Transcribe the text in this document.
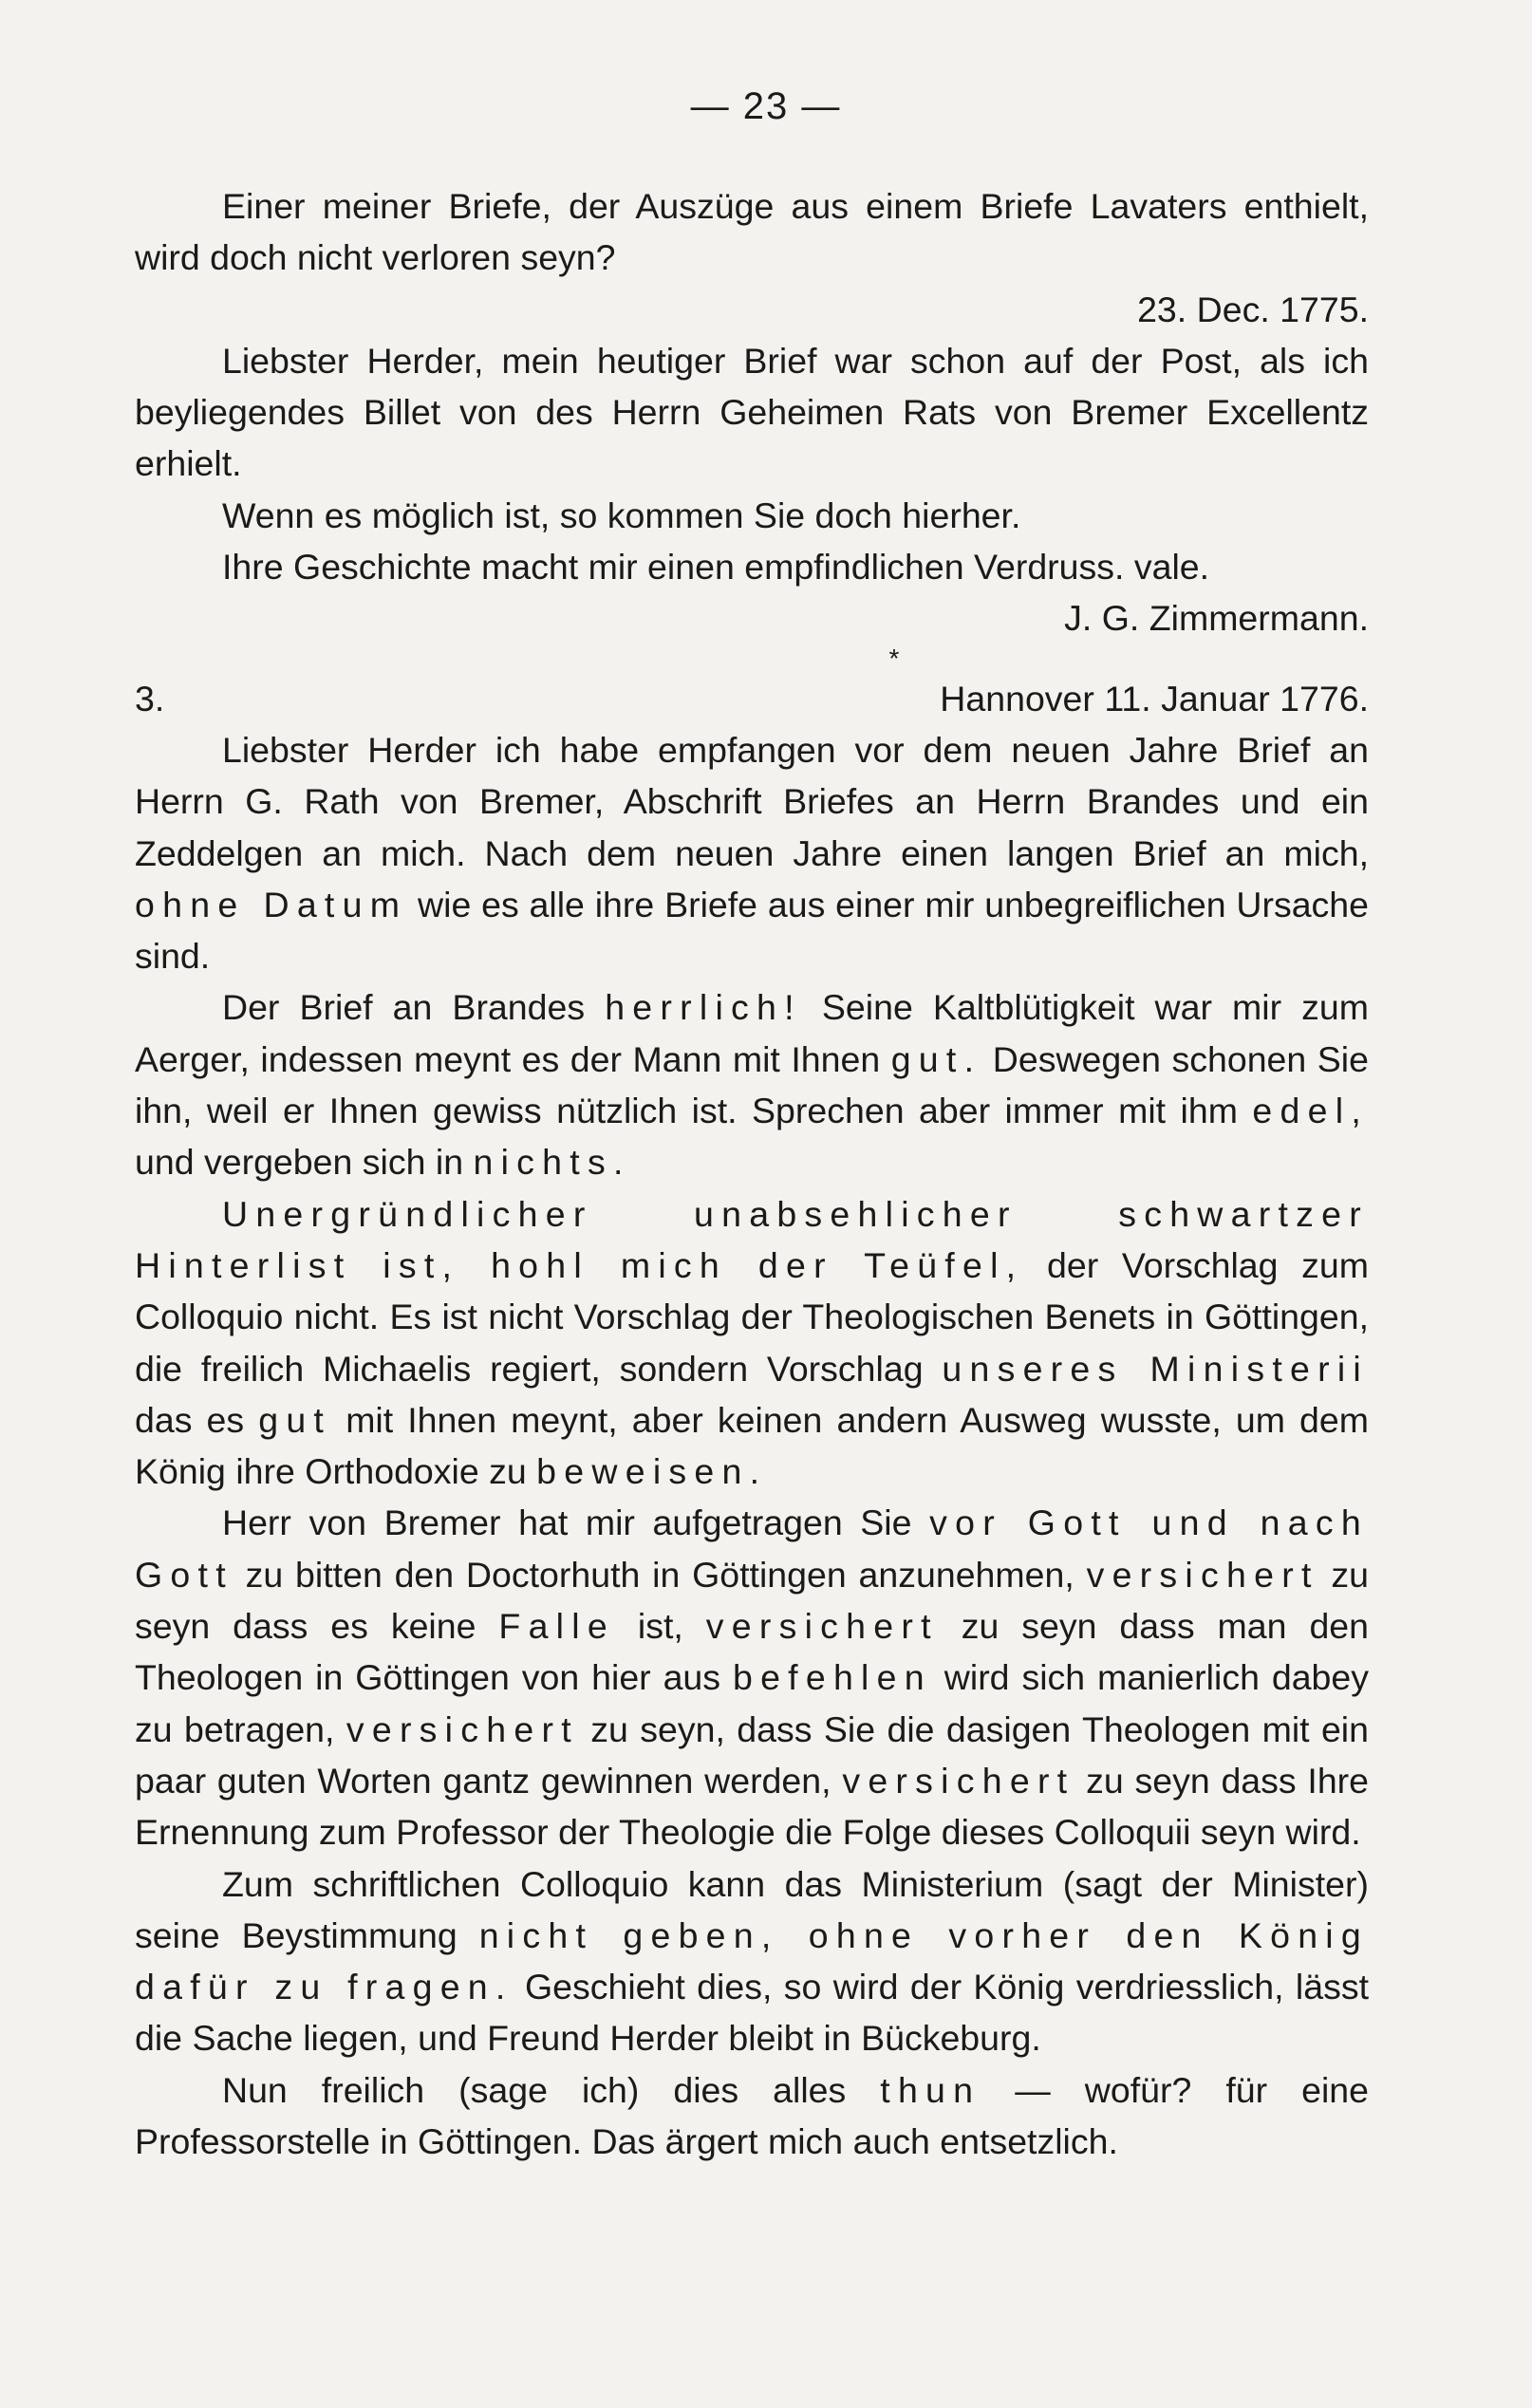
— 23 —

Einer meiner Briefe, der Auszüge aus einem Briefe Lavaters enthielt, wird doch nicht verloren seyn?

23. Dec. 1775.

Liebster Herder, mein heutiger Brief war schon auf der Post, als ich beyliegendes Billet von des Herrn Geheimen Rats von Bremer Excellentz erhielt.

Wenn es möglich ist, so kommen Sie doch hierher.

Ihre Geschichte macht mir einen empfindlichen Verdruss. vale.

J. G. Zimmermann.

*

3.	Hannover 11. Januar 1776.

Liebster Herder ich habe empfangen vor dem neuen Jahre Brief an Herrn G. Rath von Bremer, Abschrift Briefes an Herrn Brandes und ein Zeddelgen an mich. Nach dem neuen Jahre einen langen Brief an mich, ohne Datum wie es alle ihre Briefe aus einer mir unbegreiflichen Ursache sind.

Der Brief an Brandes herrlich! Seine Kaltblütigkeit war mir zum Aerger, indessen meynt es der Mann mit Ihnen gut. Deswegen schonen Sie ihn, weil er Ihnen gewiss nützlich ist. Sprechen aber immer mit ihm edel, und vergeben sich in nichts.

Unergründlicher unabsehlicher schwartzer Hinterlist ist, hohl mich der Teüfel, der Vorschlag zum Colloquio nicht. Es ist nicht Vorschlag der Theologischen Benets in Göttingen, die freilich Michaelis regiert, sondern Vorschlag unseres Ministerii das es gut mit Ihnen meynt, aber keinen andern Ausweg wusste, um dem König ihre Orthodoxie zu beweisen.

Herr von Bremer hat mir aufgetragen Sie vor Gott und nach Gott zu bitten den Doctorhuth in Göttingen anzunehmen, versichert zu seyn dass es keine Falle ist, versichert zu seyn dass man den Theologen in Göttingen von hier aus befehlen wird sich manierlich dabey zu betragen, versichert zu seyn, dass Sie die dasigen Theologen mit ein paar guten Worten gantz gewinnen werden, versichert zu seyn dass Ihre Ernennung zum Professor der Theologie die Folge dieses Colloquii seyn wird.

Zum schriftlichen Colloquio kann das Ministerium (sagt der Minister) seine Beystimmung nicht geben, ohne vorher den König dafür zu fragen. Geschieht dies, so wird der König verdriesslich, lässt die Sache liegen, und Freund Herder bleibt in Bückeburg.

Nun freilich (sage ich) dies alles thun — wofür? für eine Professorstelle in Göttingen. Das ärgert mich auch entsetzlich.
